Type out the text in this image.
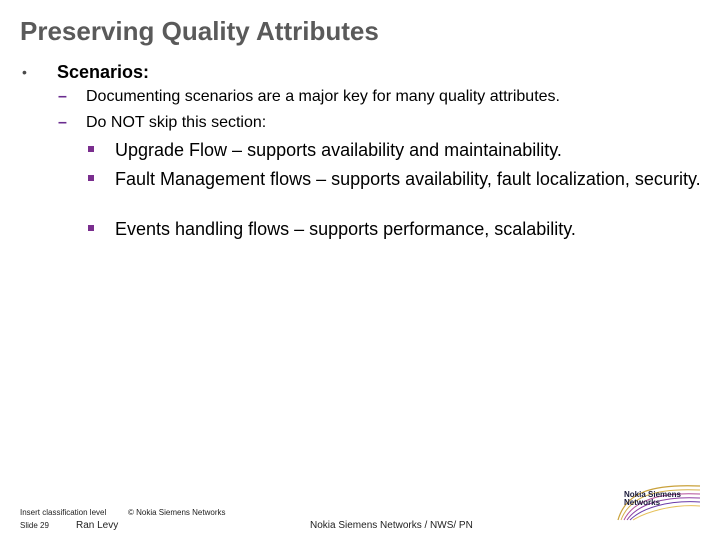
Preserving Quality Attributes
• Scenarios:
– Documenting scenarios are a major key for many quality attributes.
– Do NOT skip this section:
Upgrade Flow – supports availability and maintainability.
Fault Management flows – supports availability, fault localization, security.
Events handling flows – supports performance, scalability.
Insert classification level	© Nokia Siemens Networks
Slide 29	Ran Levy	Nokia Siemens Networks / NWS/ PN
Nokia Siemens
Networks
